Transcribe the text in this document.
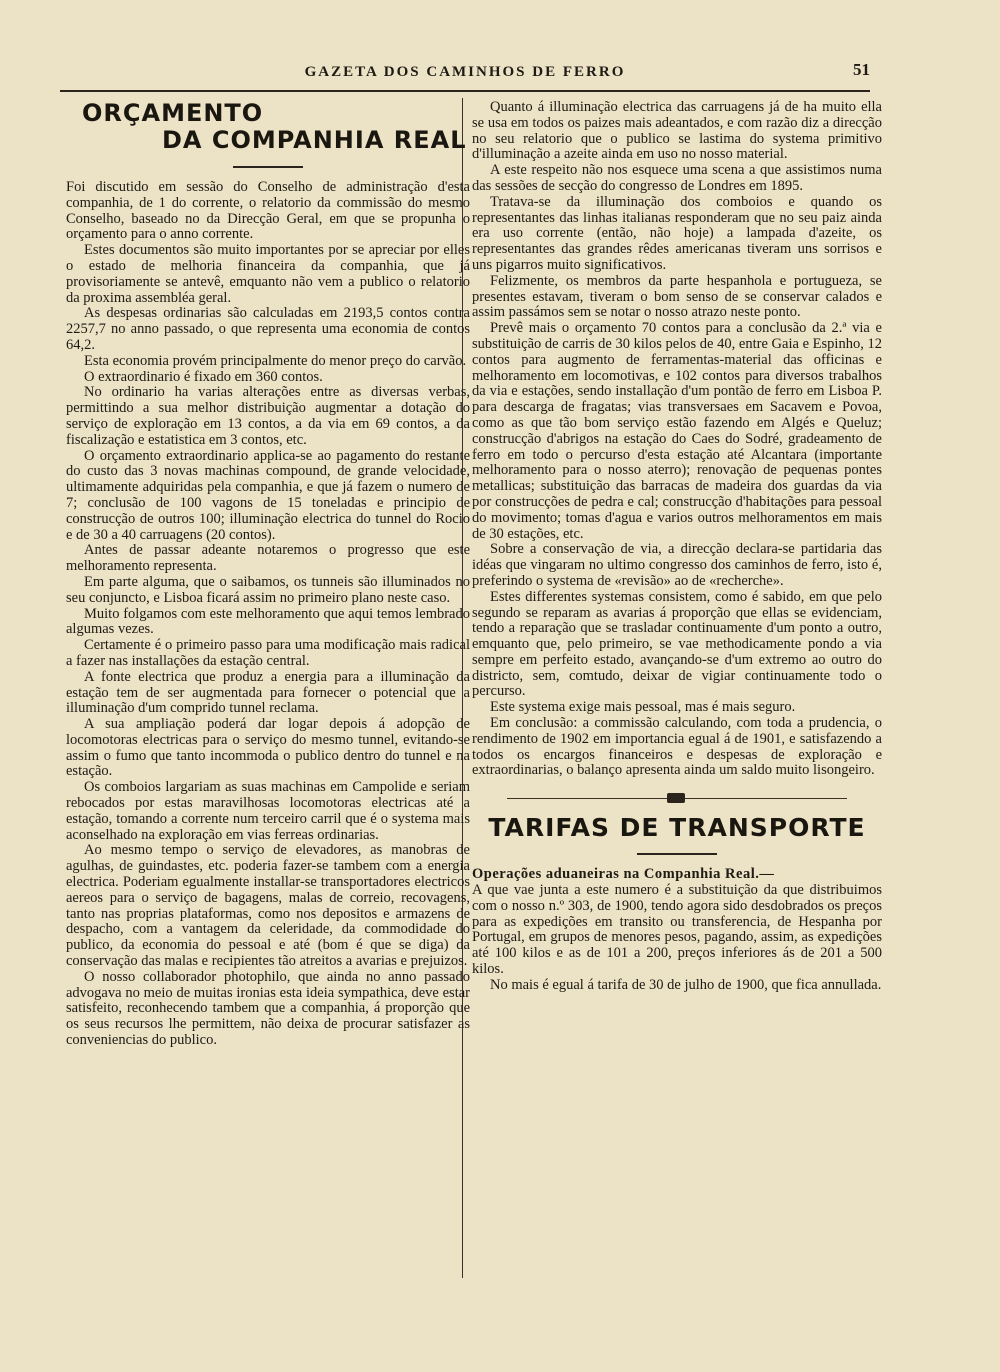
GAZETA DOS CAMINHOS DE FERRO	51
ORÇAMENTO
DA COMPANHIA REAL

Foi discutido em sessão do Conselho de administração d'esta companhia, de 1 do corrente, o relatorio da commissão do mesmo Conselho, baseado no da Direcção Geral, em que se propunha o orçamento para o anno corrente.

Estes documentos são muito importantes por se apreciar por elles o estado de melhoria financeira da companhia, que já provisoriamente se antevê, emquanto não vem a publico o relatorio da proxima assembléa geral.

As despesas ordinarias são calculadas em 2193,5 contos contra 2257,7 no anno passado, o que representa uma economia de contos 64,2.

Esta economia provém principalmente do menor preço do carvão.

O extraordinario é fixado em 360 contos.

No ordinario ha varias alterações entre as diversas verbas, permittindo a sua melhor distribuição augmentar a dotação do serviço de exploração em 13 contos, a da via em 69 contos, a da fiscalização e estatistica em 3 contos, etc.

O orçamento extraordinario applica-se ao pagamento do restante do custo das 3 novas machinas compound, de grande velocidade, ultimamente adquiridas pela companhia, e que já fazem o numero de 7; conclusão de 100 vagons de 15 toneladas e principio de construcção de outros 100; illuminação electrica do tunnel do Rocio e de 30 a 40 carruagens (20 contos).

Antes de passar adeante notaremos o progresso que este melhoramento representa.

Em parte alguma, que o saibamos, os tunneis são illuminados no seu conjuncto, e Lisboa ficará assim no primeiro plano neste caso.

Muito folgamos com este melhoramento que aqui temos lembrado algumas vezes.

Certamente é o primeiro passo para uma modificação mais radical a fazer nas installações da estação central.

A fonte electrica que produz a energia para a illuminação da estação tem de ser augmentada para fornecer o potencial que a illuminação d'um comprido tunnel reclama.

A sua ampliação poderá dar logar depois á adopção de locomotoras electricas para o serviço do mesmo tunnel, evitando-se assim o fumo que tanto incommoda o publico dentro do tunnel e na estação.

Os comboios largariam as suas machinas em Campolide e seriam rebocados por estas maravilhosas locomotoras electricas até a estação, tomando a corrente num terceiro carril que é o systema mais aconselhado na exploração em vias ferreas ordinarias.

Ao mesmo tempo o serviço de elevadores, as manobras de agulhas, de guindastes, etc. poderia fazer-se tambem com a energia electrica. Poderiam egualmente installar-se transportadores electricos aereos para o serviço de bagagens, malas de correio, recovagens, tanto nas proprias plataformas, como nos depositos e armazens de despacho, com a vantagem da celeridade, da commodidade do publico, da economia do pessoal e até (bom é que se diga) da conservação das malas e recipientes tão atreitos a avarias e prejuizos.

O nosso collaborador photophilo, que ainda no anno passado advogava no meio de muitas ironias esta ideia sympathica, deve estar satisfeito, reconhecendo tambem que a companhia, á proporção que os seus recursos lhe permittem, não deixa de procurar satisfazer as conveniencias do publico.

Quanto á illuminação electrica das carruagens já de ha muito ella se usa em todos os paizes mais adeantados, e com razão diz a direcção no seu relatorio que o publico se lastima do systema primitivo d'illuminação a azeite ainda em uso no nosso material.

A este respeito não nos esquece uma scena a que assistimos numa das sessões de secção do congresso de Londres em 1895.

Tratava-se da illuminação dos comboios e quando os representantes das linhas italianas responderam que no seu paiz ainda era uso corrente (então, não hoje) a lampada d'azeite, os representantes das grandes rêdes americanas tiveram uns sorrisos e uns pigarros muito significativos.

Felizmente, os membros da parte hespanhola e portugueza, se presentes estavam, tiveram o bom senso de se conservar calados e assim passámos sem se notar o nosso atrazo neste ponto.

Prevê mais o orçamento 70 contos para a conclusão da 2.ª via e substituição de carris de 30 kilos pelos de 40, entre Gaia e Espinho, 12 contos para augmento de ferramentas-material das officinas e melhoramento em locomotivas, e 102 contos para diversos trabalhos da via e estações, sendo installação d'um pontão de ferro em Lisboa P. para descarga de fragatas; vias transversaes em Sacavem e Povoa, como as que tão bom serviço estão fazendo em Algés e Queluz; construcção d'abrigos na estação do Caes do Sodré, gradeamento de ferro em todo o percurso d'esta estação até Alcantara (importante melhoramento para o nosso aterro); renovação de pequenas pontes metallicas; substituição das barracas de madeira dos guardas da via por construcções de pedra e cal; construcção d'habitações para pessoal do movimento; tomas d'agua e varios outros melhoramentos em mais de 30 estações, etc.

Sobre a conservação de via, a direcção declara-se partidaria das idéas que vingaram no ultimo congresso dos caminhos de ferro, isto é, preferindo o systema de «revisão» ao de «recherche».

Estes differentes systemas consistem, como é sabido, em que pelo segundo se reparam as avarias á proporção que ellas se evidenciam, tendo a reparação que se trasladar continuamente d'um ponto a outro, emquanto que, pelo primeiro, se vae methodicamente pondo a via sempre em perfeito estado, avançando-se d'um extremo ao outro do districto, sem, comtudo, deixar de vigiar continuamente todo o percurso.

Este systema exige mais pessoal, mas é mais seguro.

Em conclusão: a commissão calculando, com toda a prudencia, o rendimento de 1902 em importancia egual á de 1901, e satisfazendo a todos os encargos financeiros e despesas de exploração e extraordinarias, o balanço apresenta ainda um saldo muito lisongeiro.

TARIFAS DE TRANSPORTE

Operações aduaneiras na Companhia Real.—

A que vae junta a este numero é a substituição da que distribuimos com o nosso n.º 303, de 1900, tendo agora sido desdobrados os preços para as expedições em transito ou transferencia, de Hespanha por Portugal, em grupos de menores pesos, pagando, assim, as expedições até 100 kilos e as de 101 a 200, preços inferiores ás de 201 a 500 kilos.

No mais é egual á tarifa de 30 de julho de 1900, que fica annullada.
